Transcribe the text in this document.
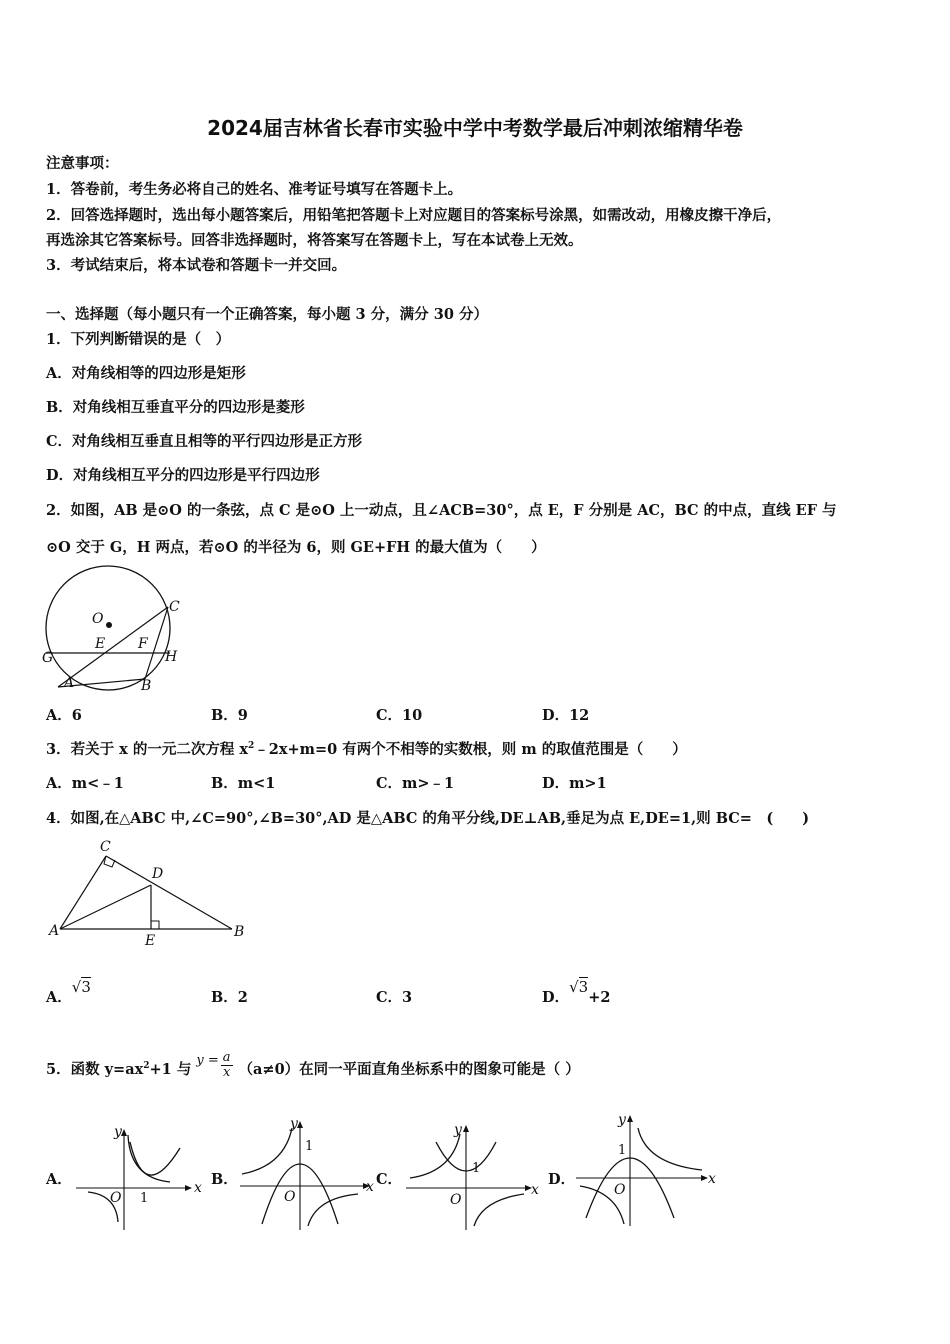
2024届吉林省长春市实验中学中考数学最后冲刺浓缩精华卷
注意事项：
1．答卷前，考生务必将自己的姓名、准考证号填写在答题卡上。
2．回答选择题时，选出每小题答案后，用铅笔把答题卡上对应题目的答案标号涂黑，如需改动，用橡皮擦干净后，
再选涂其它答案标号。回答非选择题时，将答案写在答题卡上，写在本试卷上无效。
3．考试结束后，将本试卷和答题卡一并交回。
一、选择题（每小题只有一个正确答案，每小题 3 分，满分 30 分）
1．下列判断错误的是（　）
A．对角线相等的四边形是矩形
B．对角线相互垂直平分的四边形是菱形
C．对角线相互垂直且相等的平行四边形是正方形
D．对角线相互平分的四边形是平行四边形
2．如图，AB 是⊙O 的一条弦，点 C 是⊙O 上一动点，且∠ACB=30°，点 E，F 分别是 AC，BC 的中点，直线 EF 与
⊙O 交于 G，H 两点，若⊙O 的半径为 6，则 GE+FH 的最大值为（　　）
O
C
E F
G	H
A	B
A．6	B．9	C．10	D．12
3．若关于 x 的一元二次方程 $x^2﹣2x+m=0$ 有两个不相等的实数根，则 m 的取值范围是（　　）
A．m<﹣1	B．m<1	C．m>﹣1	D．m>1
4．如图,在△ABC 中,∠C=90°,∠B=30°,AD 是△ABC 的角平分线,DE⊥AB,垂足为点 E,DE=1,则 BC=　(　　)
C
D
A
E
B
A．√3
B．2	C．3	D．√3+2
5．函数 $y=ax^2+1$ 与 $y = \frac{a}{x} (a\ne 0)$在同一平面直角坐标系中的图象可能是（ ）
A．	x
y
O 1
B．	x
y
O
1
C．
x
y
O
1
D．	x
y
O
1
